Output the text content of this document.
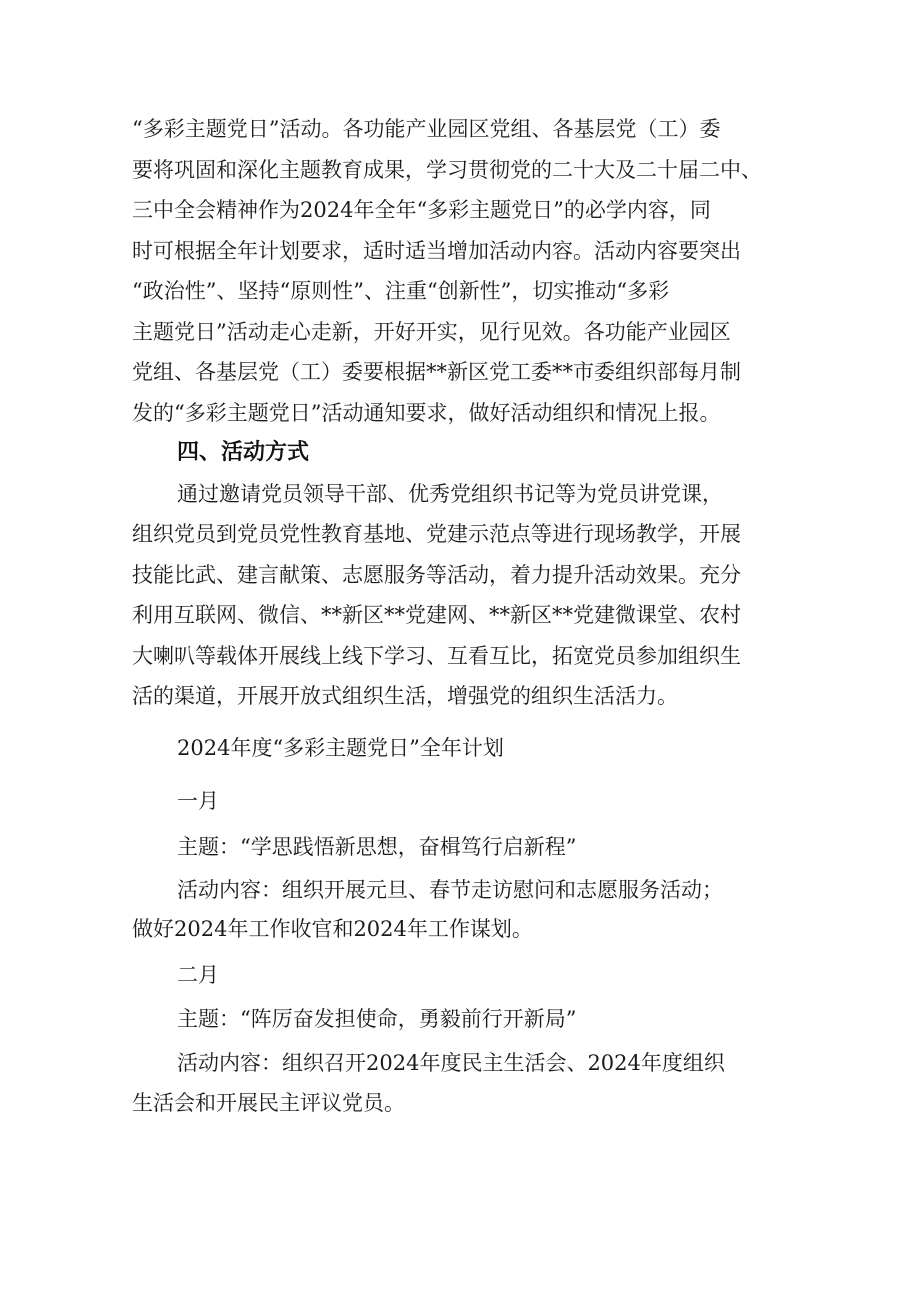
“多彩主题党日”活动。各功能产业园区党组、各基层党（工）委
要将巩固和深化主题教育成果，学习贯彻党的二十大及二十届二中、
三中全会精神作为2024年全年“多彩主题党日”的必学内容，同
时可根据全年计划要求，适时适当增加活动内容。活动内容要突出
“政治性”、坚持“原则性”、注重“创新性”，切实推动“多彩
主题党日”活动走心走新，开好开实，见行见效。各功能产业园区
党组、各基层党（工）委要根据**新区党工委**市委组织部每月制
发的“多彩主题党日”活动通知要求，做好活动组织和情况上报。
四、活动方式
通过邀请党员领导干部、优秀党组织书记等为党员讲党课，
组织党员到党员党性教育基地、党建示范点等进行现场教学，开展
技能比武、建言献策、志愿服务等活动，着力提升活动效果。充分
利用互联网、微信、**新区**党建网、**新区**党建微课堂、农村
大喇叭等载体开展线上线下学习、互看互比，拓宽党员参加组织生
活的渠道，开展开放式组织生活，增强党的组织生活活力。
2024年度“多彩主题党日”全年计划
一月
主题：“学思践悟新思想，奋楫笃行启新程”
活动内容：组织开展元旦、春节走访慰问和志愿服务活动；
做好2024年工作收官和2024年工作谋划。
二月
主题：“阵厉奋发担使命，勇毅前行开新局”
活动内容：组织召开2024年度民主生活会、2024年度组织
生活会和开展民主评议党员。
